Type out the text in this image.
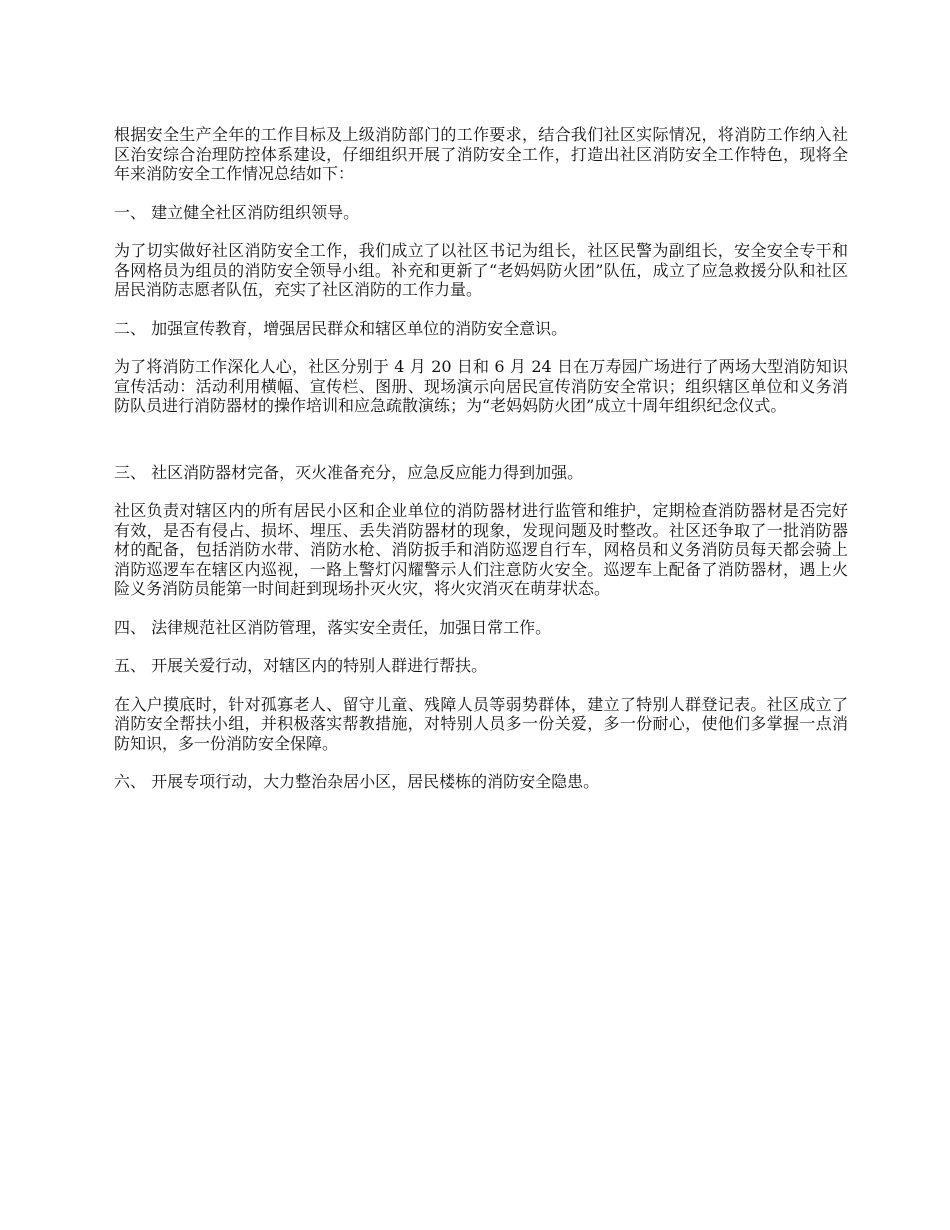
根据安全生产全年的工作目标及上级消防部门的工作要求，结合我们社区实际情况，将消防工作纳入社区治安综合治理防控体系建设，仔细组织开展了消防安全工作，打造出社区消防安全工作特色，现将全年来消防安全工作情况总结如下：

一、 建立健全社区消防组织领导。

为了切实做好社区消防安全工作，我们成立了以社区书记为组长，社区民警为副组长，安全安全专干和各网格员为组员的消防安全领导小组。补充和更新了“老妈妈防火团”队伍，成立了应急救援分队和社区居民消防志愿者队伍，充实了社区消防的工作力量。

二、 加强宣传教育，增强居民群众和辖区单位的消防安全意识。

为了将消防工作深化人心，社区分别于 4 月 20 日和 6 月 24 日在万寿园广场进行了两场大型消防知识宣传活动：活动利用横幅、宣传栏、图册、现场演示向居民宣传消防安全常识；组织辖区单位和义务消防队员进行消防器材的操作培训和应急疏散演练；为“老妈妈防火团”成立十周年组织纪念仪式。

三、 社区消防器材完备，灭火准备充分，应急反应能力得到加强。

社区负责对辖区内的所有居民小区和企业单位的消防器材进行监管和维护，定期检查消防器材是否完好有效，是否有侵占、损坏、埋压、丢失消防器材的现象，发现问题及时整改。社区还争取了一批消防器材的配备，包括消防水带、消防水枪、消防扳手和消防巡逻自行车，网格员和义务消防员每天都会骑上消防巡逻车在辖区内巡视，一路上警灯闪耀警示人们注意防火安全。巡逻车上配备了消防器材，遇上火险义务消防员能第一时间赶到现场扑灭火灾，将火灾消灭在萌芽状态。

四、 法律规范社区消防管理，落实安全责任，加强日常工作。

五、 开展关爱行动，对辖区内的特别人群进行帮扶。

在入户摸底时，针对孤寡老人、留守儿童、残障人员等弱势群体，建立了特别人群登记表。社区成立了消防安全帮扶小组，并积极落实帮教措施，对特别人员多一份关爱，多一份耐心，使他们多掌握一点消防知识，多一份消防安全保障。

六、 开展专项行动，大力整治杂居小区，居民楼栋的消防安全隐患。
